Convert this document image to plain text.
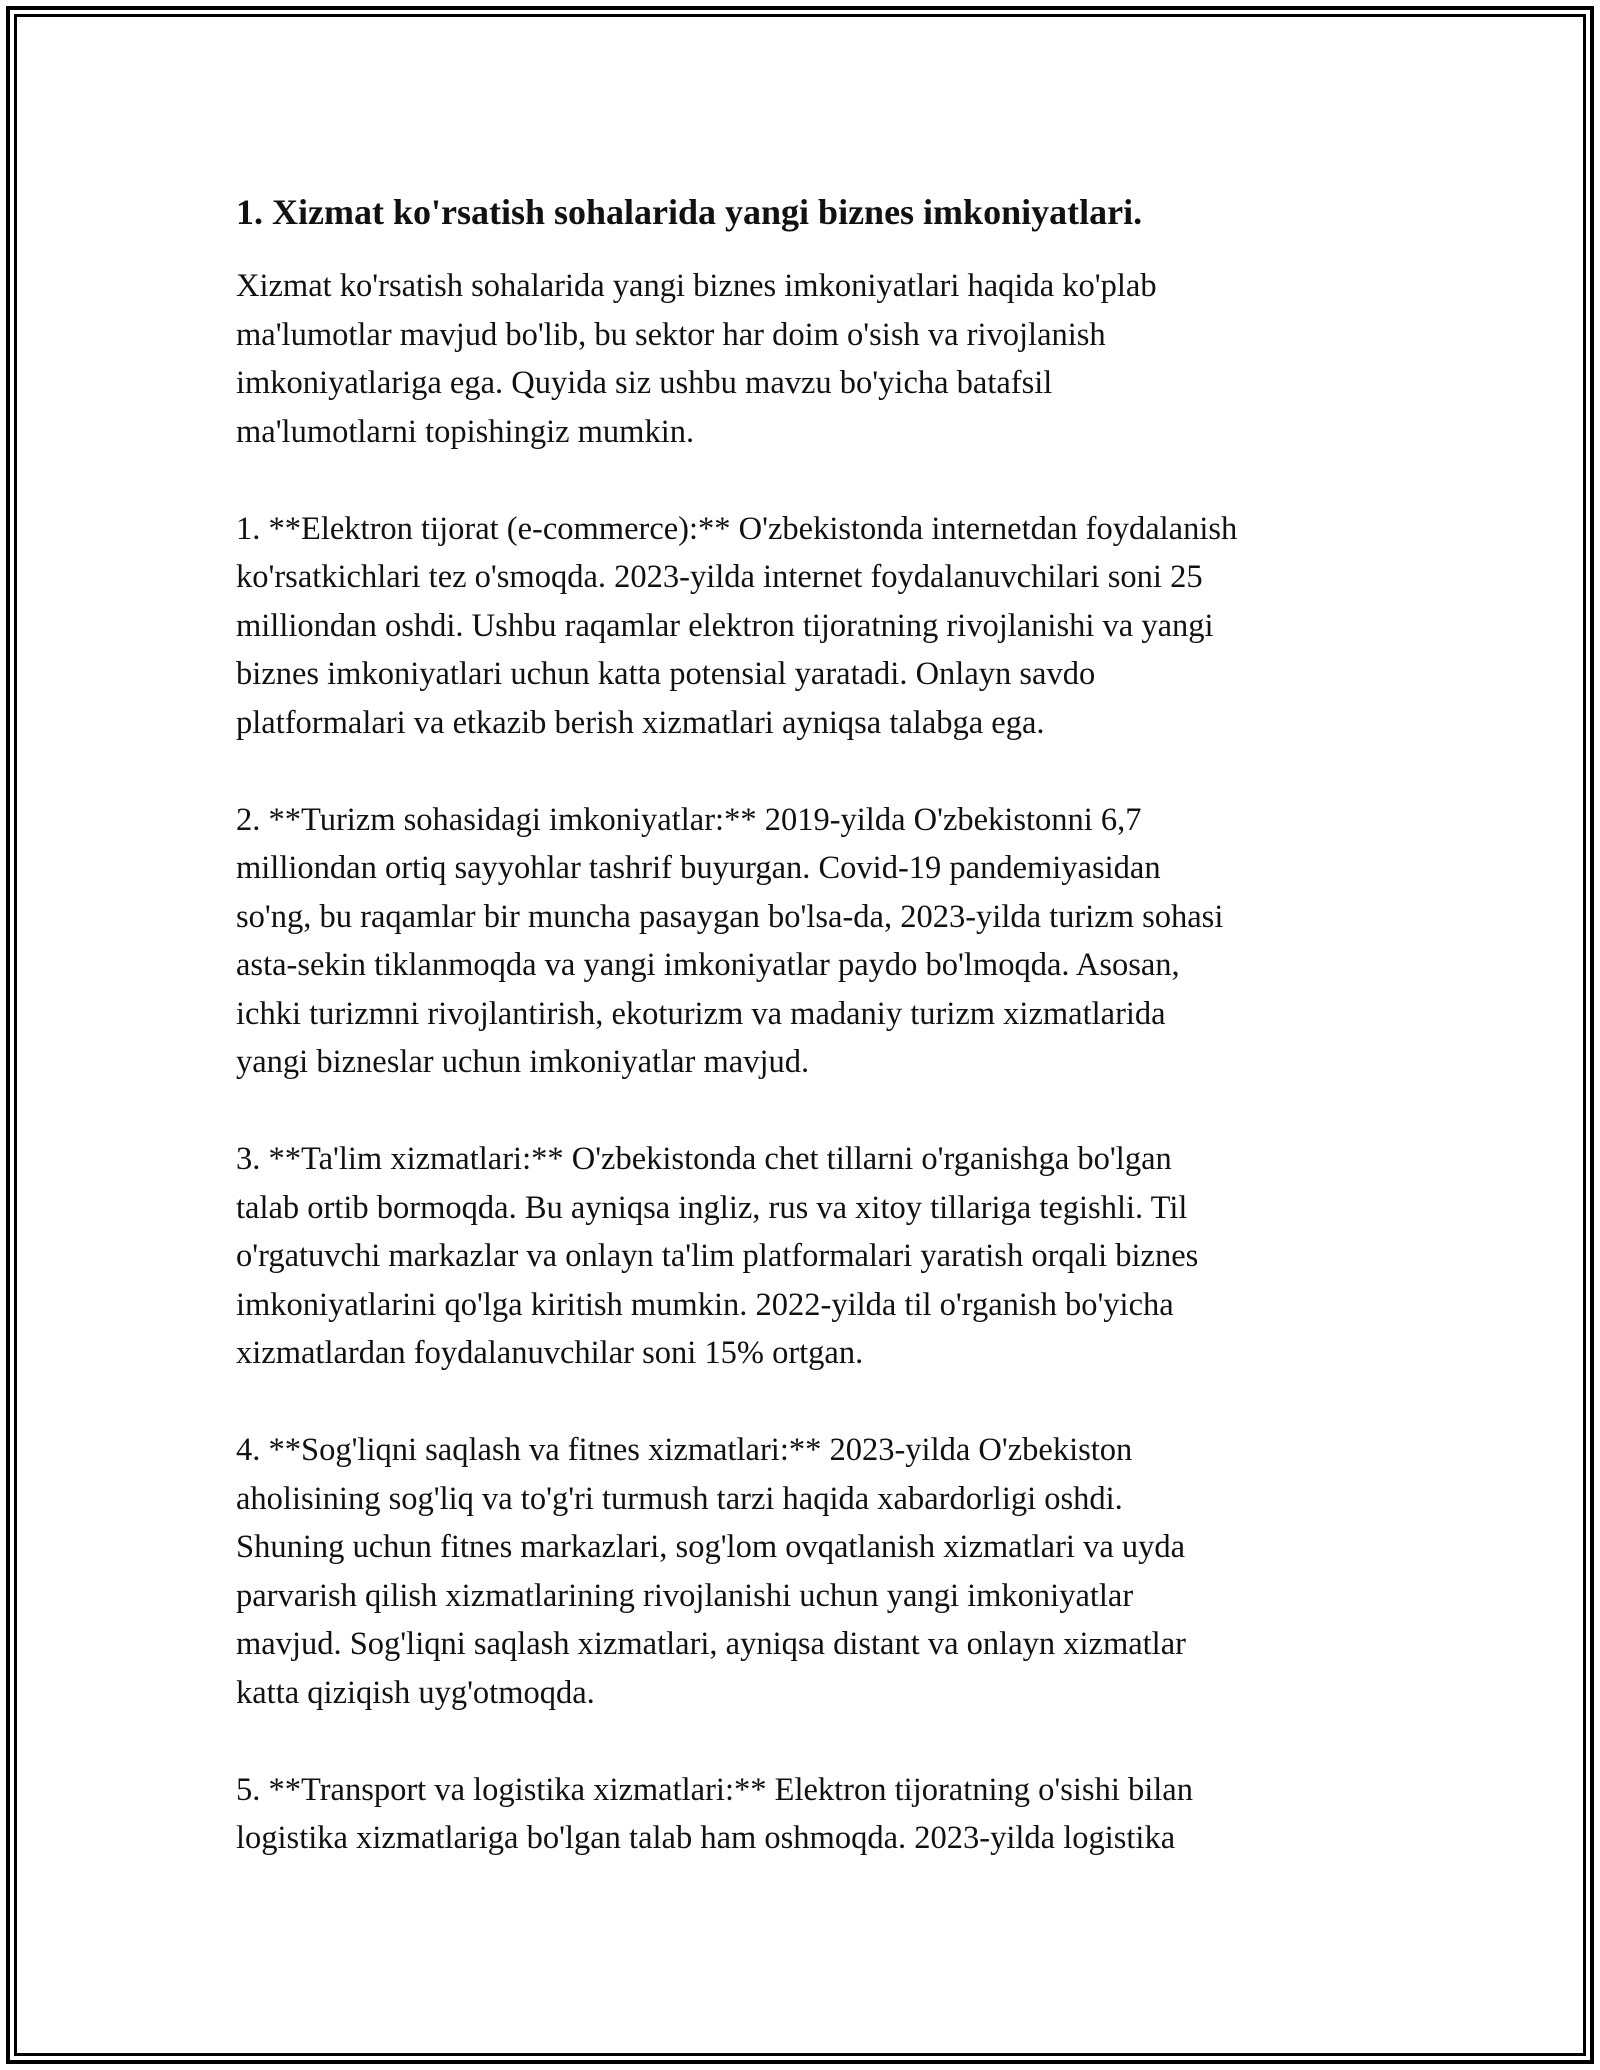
1. Xizmat ko'rsatish sohalarida yangi biznes imkoniyatlari.
Xizmat ko'rsatish sohalarida yangi biznes imkoniyatlari haqida ko'plab
ma'lumotlar mavjud bo'lib, bu sektor har doim o'sish va rivojlanish
imkoniyatlariga ega. Quyida siz ushbu mavzu bo'yicha batafsil
ma'lumotlarni topishingiz mumkin.
1. **Elektron tijorat (e-commerce):** O'zbekistonda internetdan foydalanish
ko'rsatkichlari tez o'smoqda. 2023-yilda internet foydalanuvchilari soni 25
milliondan oshdi. Ushbu raqamlar elektron tijoratning rivojlanishi va yangi
biznes imkoniyatlari uchun katta potensial yaratadi. Onlayn savdo
platformalari va etkazib berish xizmatlari ayniqsa talabga ega.
2. **Turizm sohasidagi imkoniyatlar:** 2019-yilda O'zbekistonni 6,7
milliondan ortiq sayyohlar tashrif buyurgan. Covid-19 pandemiyasidan
so'ng, bu raqamlar bir muncha pasaygan bo'lsa-da, 2023-yilda turizm sohasi
asta-sekin tiklanmoqda va yangi imkoniyatlar paydo bo'lmoqda. Asosan,
ichki turizmni rivojlantirish, ekoturizm va madaniy turizm xizmatlarida
yangi bizneslar uchun imkoniyatlar mavjud.
3. **Ta'lim xizmatlari:** O'zbekistonda chet tillarni o'rganishga bo'lgan
talab ortib bormoqda. Bu ayniqsa ingliz, rus va xitoy tillariga tegishli. Til
o'rgatuvchi markazlar va onlayn ta'lim platformalari yaratish orqali biznes
imkoniyatlarini qo'lga kiritish mumkin. 2022-yilda til o'rganish bo'yicha
xizmatlardan foydalanuvchilar soni 15% ortgan.
4. **Sog'liqni saqlash va fitnes xizmatlari:** 2023-yilda O'zbekiston
aholisining sog'liq va to'g'ri turmush tarzi haqida xabardorligi oshdi.
Shuning uchun fitnes markazlari, sog'lom ovqatlanish xizmatlari va uyda
parvarish qilish xizmatlarining rivojlanishi uchun yangi imkoniyatlar
mavjud. Sog'liqni saqlash xizmatlari, ayniqsa distant va onlayn xizmatlar
katta qiziqish uyg'otmoqda.
5. **Transport va logistika xizmatlari:** Elektron tijoratning o'sishi bilan
logistika xizmatlariga bo'lgan talab ham oshmoqda. 2023-yilda logistika
